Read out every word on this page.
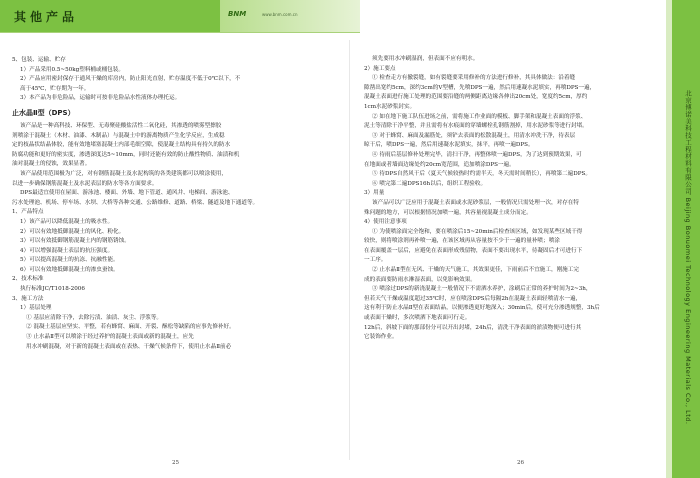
其他产品	BNM	www.bnm.com.cn
北京博诺美科技工程材料有限公司 Beijing Bonuomei Technology Engineering Materials Co., Ltd.

5、包装、运输、贮存

1）产品采用0.5~50kg塑料桶或桶包装。

2）产品应用密封保存于通风干燥的库房内，防止阳光直射，贮存温度不低于0℃以下，不

高于45℃，贮存期为一年。

3）本产品为非危险品，运输时可按非危险品水性液体办理托运。

止水晶Ⅱ型（DPS）

该产品是一种高科技、环保型、无毒聚硅酸盐活性二氧化硅，其渗透的喷雾型擦胶

剂喷涂于混凝土（木材、油漆、木制品）与混凝土中的游离物质产生化学反应，生成稳

定的枝晶状结晶体胶，能有效地堵塞混凝土内部毛细空隙，使混凝土结构具有持久的防水

防腐功能和更好的密实度，渗透深度达5~10mm，同时还能有效的防止酸性物质、油渍和机

油对混凝土的侵蚀，效果显著。

该产品使用范围极为广泛，对有钢筋混凝土及水泥构筑的各类建筑都可以喷涂使用，

以进一步确保钢筋混凝土及水泥表层的防水等各方面要求。

DPS最适宜使用在屋面、游泳池、楼面、外墙、地下管道、通风井、电梯间、游泳池、

污水处理池、机场、停车场、水坝、大桥等各种交通、公路维修、道路、桥梁、隧道及地下通道等。

1、产品特点

1）该产品可以降低混凝土的吸水性。

2）可以有效地抵御混凝土的风化、粉化。

3）可以有效抵御钢筋混凝土内的钢筋锈蚀。

4）可以增强混凝土表层的抗压强度。

5）可以提高混凝土的抗冻、抗融性能。

6）可以有效地抵御混凝土的渗虫蚕蚀。

2、技术标准

执行标准JC/T1018-2006

3、施工方法

1）基层处理

① 基层应清除干净，去除污渍、油渍、灰尘、浮浆等。

② 混凝土基层应坚实、平整，若有蜂窝、麻面、开裂、酥松等缺陷的应事先修补好。

③ 止水晶Ⅱ型可以喷涂于经过养护的混凝土表面或新的混凝土，应先

用水冲刷混凝，对于新的混凝土表面或在表热、干燥气候条件下，使用止水晶Ⅱ前必

须先要用水冲刷湿润，但表面不应有明水。

2）施工要点

① 检查走方有撤裂缝，如有裂缝要采用修补的方法进行修补，其具体做法：沿着缝

隙凿出宽约5cm，深约3cm的V型槽，先喷DPS一遍，然后用速凝水泥填实，再喷DPS一遍，

混凝土表面进行施工处理的范围要沿缝的两侧距离边缘各伸出20cm处，宽度约5cm，厚约

1cm水泥砂浆封实。

② 如在地下施工队伍进场之前，需将施工作业面的模板、脚手架和混凝土表面的浮浆、

泥土等清除干净平整，并且需将有水痕面的穿墙螺栓孔钢筋割掉，用水泥砂浆等进行封堵。

③ 对于蜂窝、麻面及漏筋处，须铲去表面的松散混凝土，用清水冲洗干净，待表层

晾干后，喷DPS一遍，然后用速凝水泥填实，抹平，再喷一遍DPS。

④ 待雨后基层修补处理完毕，清扫干净，再整体喷一遍DPS，为了达到预期效果，可

在地面或者墙面边缘处约20cm宽范围，追加喷涂DPS一遍。

⑤ 待DPS自然风干后（夏天气候较热时约需半天，冬天需时间稍长），再喷第二遍DPS。

⑥ 喷完第二遍DPS16h以后，组织工程验收。

3）用量

该产品可以广泛应用于混凝土表面或水泥砂浆层，一般情况只需处理一次，对存在特

殊问题的地方，可以根据情况加喷一遍，其容量视混凝土成分而定。

4）使用注意事项

① 为使喷涂面完全饱和，要在喷涂后15~20min后检查该区域，如发现某些区域干得

较快，则将喷涂剂再补喷一遍，在该区域再从容量按不少于一遍的量补喷；喷涂

在表面覆盖一层后，应避免在表面形成残留物，表面不要出现水平，待凝固后才可进行下

一工序。

② 止水晶Ⅱ型在无风、干燥的天气施工，其效果更佳，下雨前后不宜施工，刚施工完

成的表面要防雨水淋湿表面，以免影响效果。

③ 喷涂过DPS的新浇混凝土一般情况下不需洒水养护，涂刷后正常的养护时间为2~3h，

但若天气干燥或温度超过35℃时，应在喷涂DPS后每隔2h在混凝土表面轻喷清水一遍，

这有利于防止水晶Ⅱ型在表面结晶，以便渗透更好地深入；30min后，使可充分渗透规整，3h后

或表面干燥时，多次喷洒下地表面可行走。

12h后，斜坡下面的那部份分可以开出封堵，24h后，清洗干净表面的淤渍物便可进行其

它装饰作业。

25	26
